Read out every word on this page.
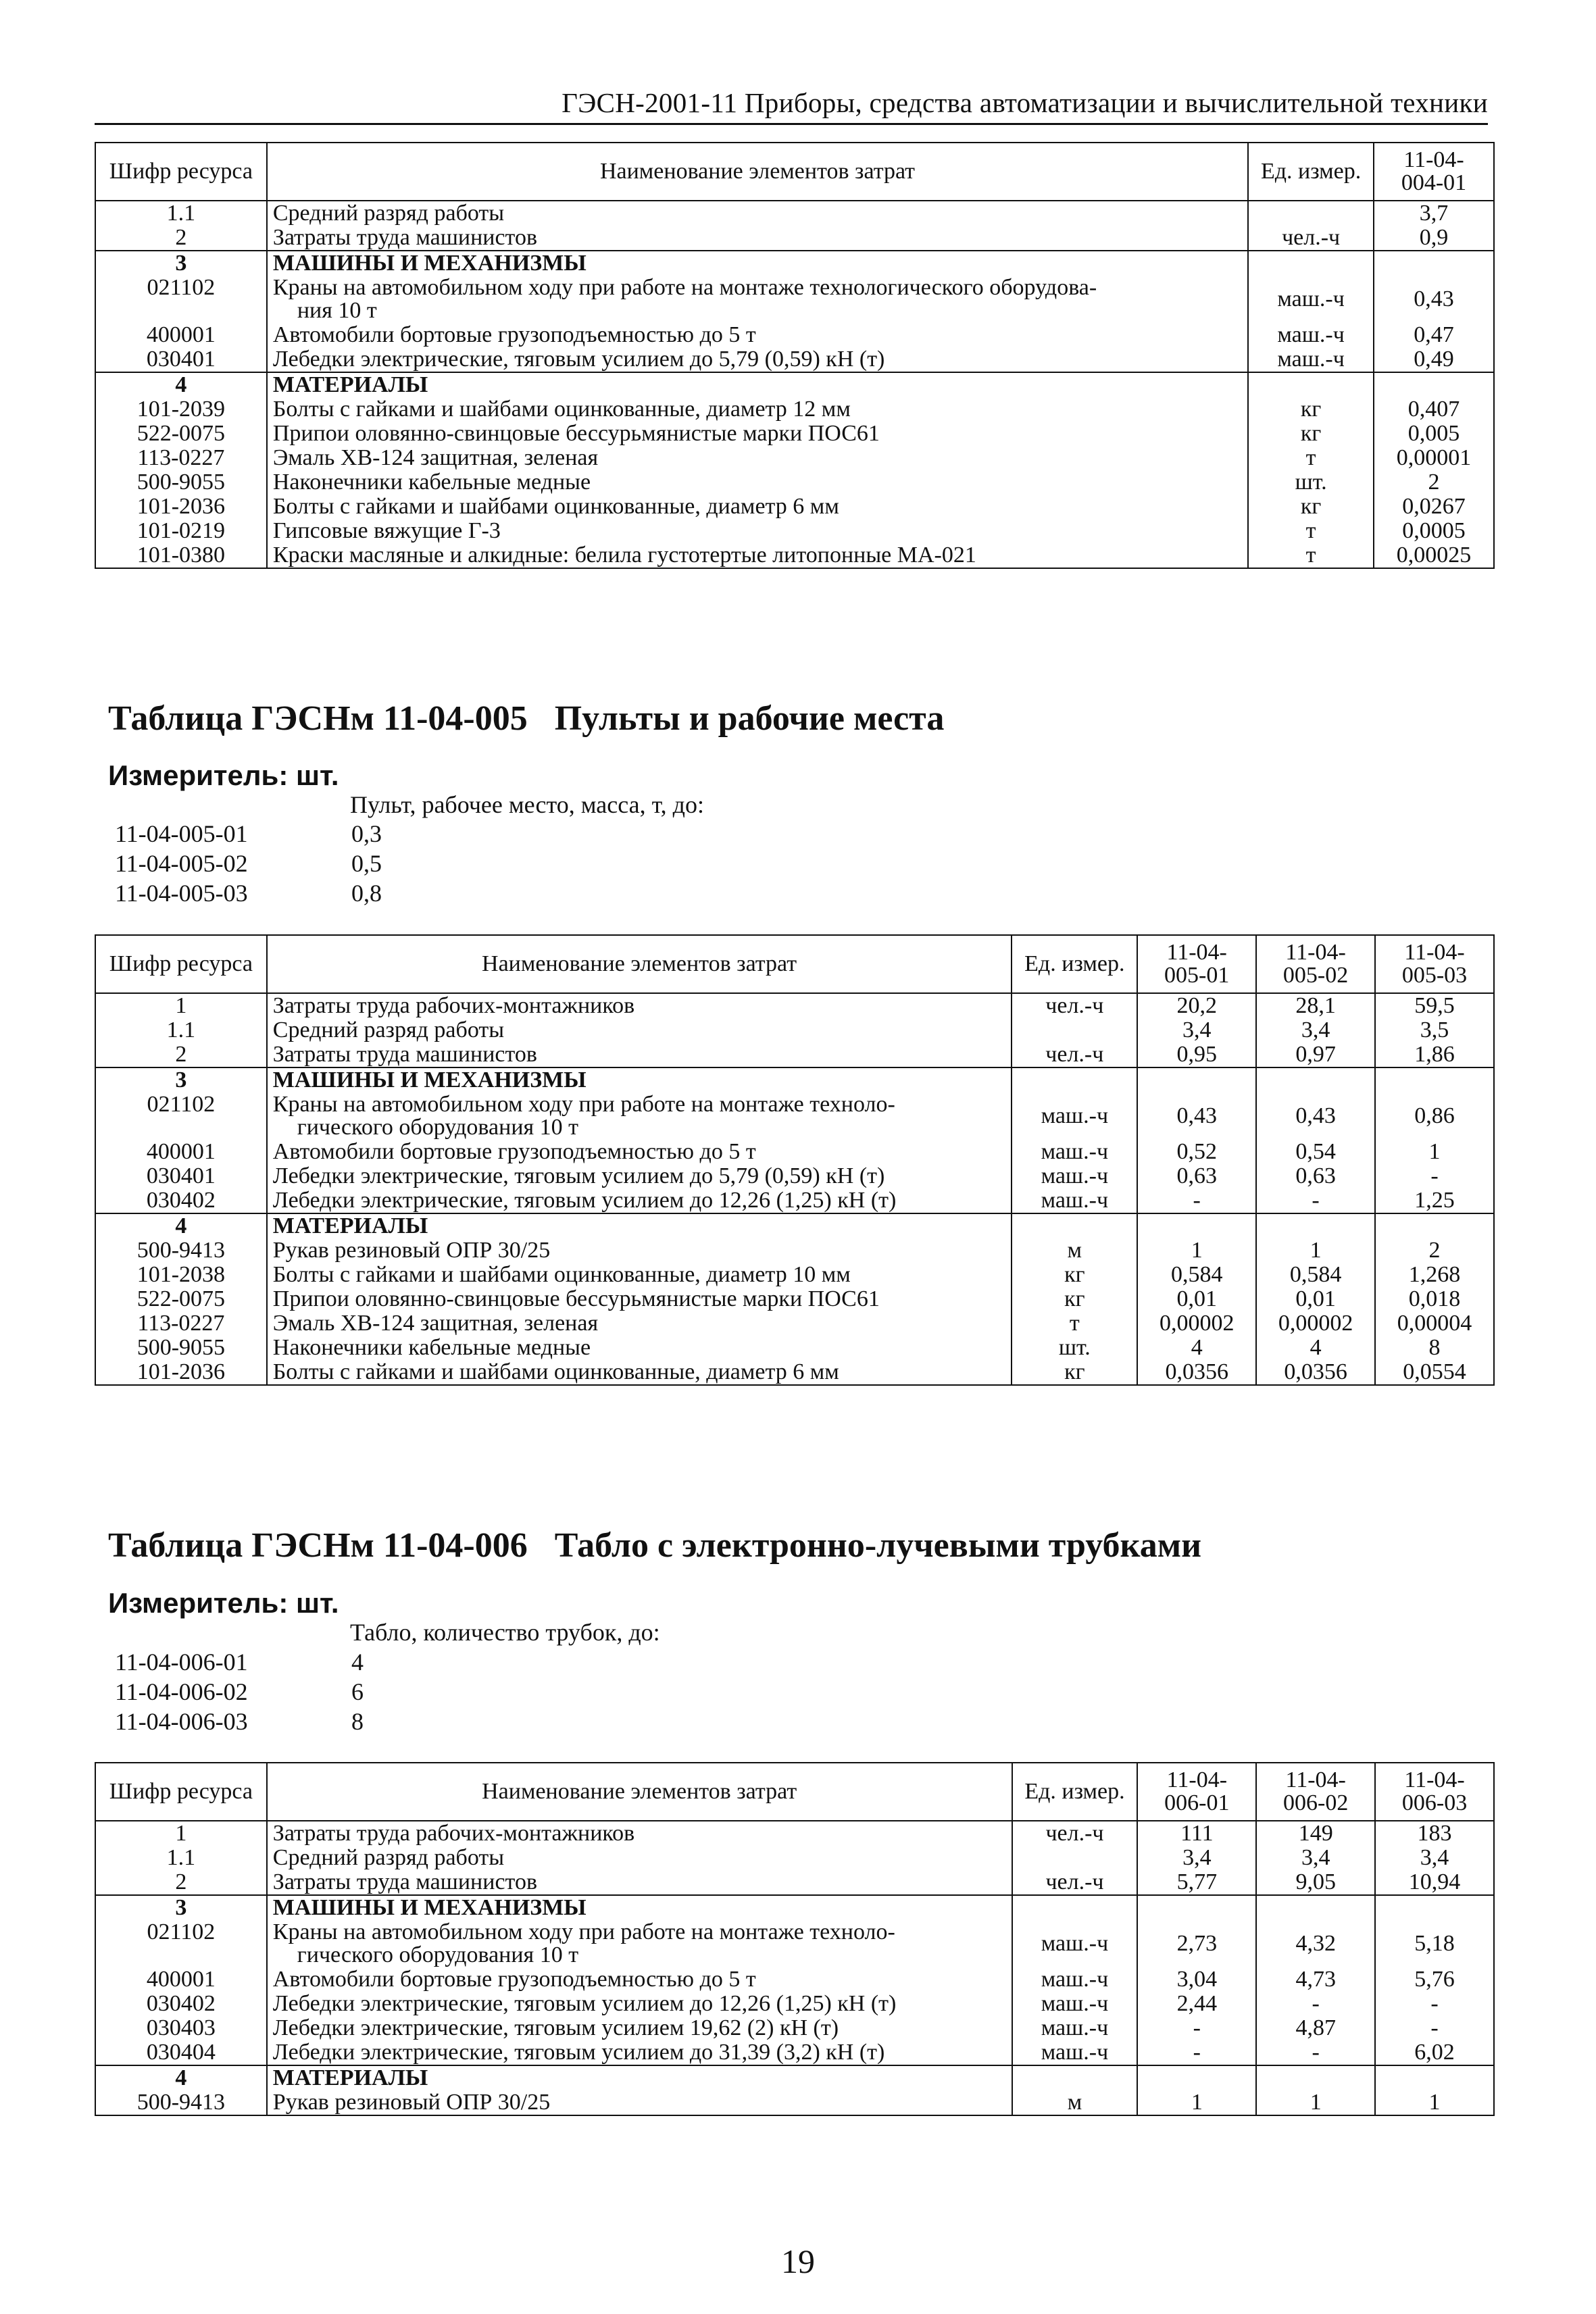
ГЭСН-2001-11 Приборы, средства автоматизации и вычислительной техники
Шифр ресурса	Наименование элементов затрат	Ед. измер.	11-04-
004-01
1.1	Средний разряд работы		3,7
2	Затраты труда машинистов	чел.-ч	0,9
3	МАШИНЫ И МЕХАНИЗМЫ		
021102	Краны на автомобильном ходу при работе на монтаже технологического оборудова-
ния 10 т	маш.-ч	0,43
400001	Автомобили бортовые грузоподъемностью до 5 т	маш.-ч	0,47
030401	Лебедки электрические, тяговым усилием до 5,79 (0,59) кН (т)	маш.-ч	0,49
4	МАТЕРИАЛЫ		
101-2039	Болты с гайками и шайбами оцинкованные, диаметр 12 мм	кг	0,407
522-0075	Припои оловянно-свинцовые бессурьмянистые марки ПОС61	кг	0,005
113-0227	Эмаль ХВ-124 защитная, зеленая	т	0,00001
500-9055	Наконечники кабельные медные	шт.	2
101-2036	Болты с гайками и шайбами оцинкованные, диаметр 6 мм	кг	0,0267
101-0219	Гипсовые вяжущие Г-3	т	0,0005
101-0380	Краски масляные и алкидные: белила густотертые литопонные МА-021	т	0,00025
Таблица ГЭСНм 11-04-005 Пульты и рабочие места
Измеритель: шт.
Пульт, рабочее место, масса, т, до:
11-04-005-01	0,3
11-04-005-02	0,5
11-04-005-03	0,8
Шифр ресурса	Наименование элементов затрат	Ед. измер.	11-04-
005-01	11-04-
005-02	11-04-
005-03
1	Затраты труда рабочих-монтажников	чел.-ч	20,2	28,1	59,5
1.1	Средний разряд работы		3,4	3,4	3,5
2	Затраты труда машинистов	чел.-ч	0,95	0,97	1,86
3	МАШИНЫ И МЕХАНИЗМЫ				
021102	Краны на автомобильном ходу при работе на монтаже техноло-
гического оборудования 10 т	маш.-ч	0,43	0,43	0,86
400001	Автомобили бортовые грузоподъемностью до 5 т	маш.-ч	0,52	0,54	1
030401	Лебедки электрические, тяговым усилием до 5,79 (0,59) кН (т)	маш.-ч	0,63	0,63	-
030402	Лебедки электрические, тяговым усилием до 12,26 (1,25) кН (т)	маш.-ч	-	-	1,25
4	МАТЕРИАЛЫ				
500-9413	Рукав резиновый ОПР 30/25	м	1	1	2
101-2038	Болты с гайками и шайбами оцинкованные, диаметр 10 мм	кг	0,584	0,584	1,268
522-0075	Припои оловянно-свинцовые бессурьмянистые марки ПОС61	кг	0,01	0,01	0,018
113-0227	Эмаль ХВ-124 защитная, зеленая	т	0,00002	0,00002	0,00004
500-9055	Наконечники кабельные медные	шт.	4	4	8
101-2036	Болты с гайками и шайбами оцинкованные, диаметр 6 мм	кг	0,0356	0,0356	0,0554
Таблица ГЭСНм 11-04-006 Табло с электронно-лучевыми трубками
Измеритель: шт.
Табло, количество трубок, до:
11-04-006-01	4
11-04-006-02	6
11-04-006-03	8
Шифр ресурса	Наименование элементов затрат	Ед. измер.	11-04-
006-01	11-04-
006-02	11-04-
006-03
1	Затраты труда рабочих-монтажников	чел.-ч	111	149	183
1.1	Средний разряд работы		3,4	3,4	3,4
2	Затраты труда машинистов	чел.-ч	5,77	9,05	10,94
3	МАШИНЫ И МЕХАНИЗМЫ				
021102	Краны на автомобильном ходу при работе на монтаже техноло-
гического оборудования 10 т	маш.-ч	2,73	4,32	5,18
400001	Автомобили бортовые грузоподъемностью до 5 т	маш.-ч	3,04	4,73	5,76
030402	Лебедки электрические, тяговым усилием до 12,26 (1,25) кН (т)	маш.-ч	2,44	-	-
030403	Лебедки электрические, тяговым усилием 19,62 (2) кН (т)	маш.-ч	-	4,87	-
030404	Лебедки электрические, тяговым усилием до 31,39 (3,2) кН (т)	маш.-ч	-	-	6,02
4	МАТЕРИАЛЫ				
500-9413	Рукав резиновый ОПР 30/25	м	1	1	1
19
